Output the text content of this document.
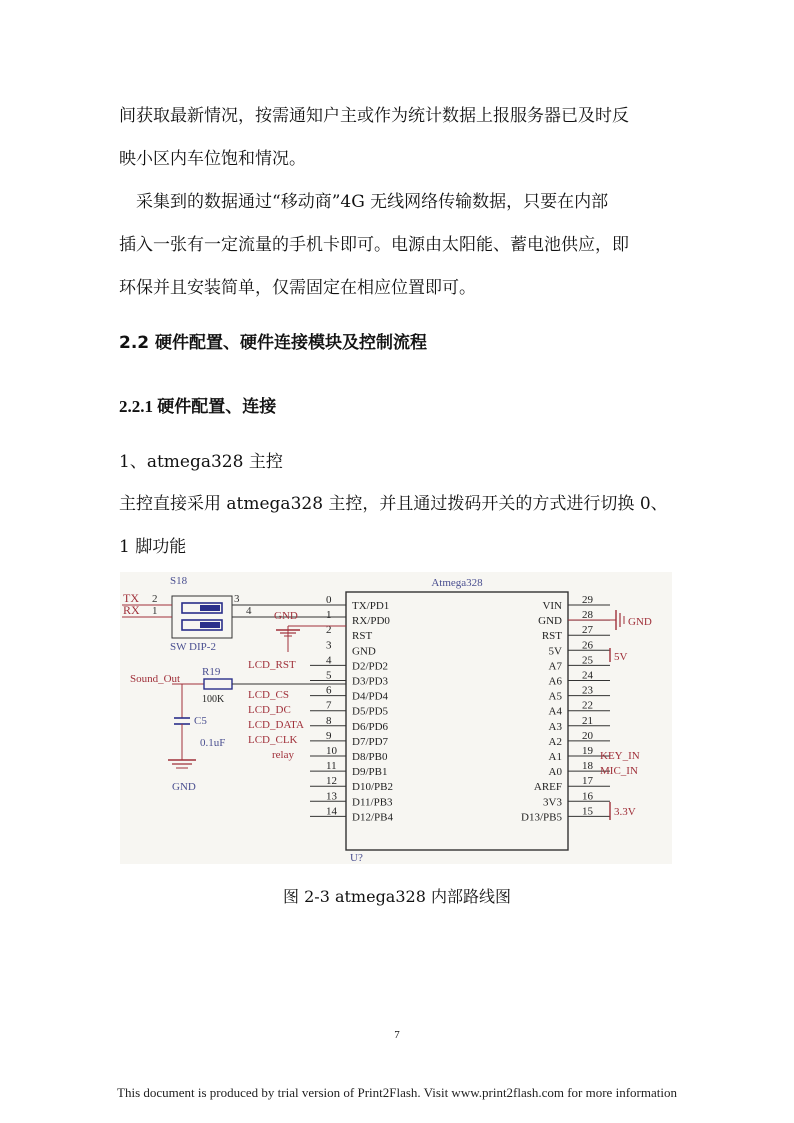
间获取最新情况，按需通知户主或作为统计数据上报服务器已及时反

映小区内车位饱和情况。

　采集到的数据通过“移动商”4G 无线网络传输数据，只要在内部

插入一张有一定流量的手机卡即可。电源由太阳能、蓄电池供应，即

环保并且安装简单，仅需固定在相应位置即可。

2.2 硬件配置、硬件连接模块及控制流程
2.2.1 硬件配置、连接

1、atmega328 主控

主控直接采用 atmega328 主控，并且通过拨码开关的方式进行切换 0、

1 脚功能

Atmega328
U?
0 TX/PD1
1 RX/PD0
2 RST
3 GND
4 D2/PD2
5 D3/PD3
6 D4/PD4
7 D5/PD5
8 D6/PD6
9 D7/PD7
10 D8/PB0
11 D9/PB1
12 D10/PB2
13 D11/PB3
14 D12/PB4
29
VIN
28
GND
27
RST
26
5V
25
A7
24
A6
23
A5
22
A4
21
A3
20
A2
19
A1
18
A0
17
AREF
16
3V3
15
D13/PB5
S18
SW DIP-2
TX
RX
2
1
3
4 GND
Sound_Out
R19
100K
C5
0.1uF
GND
LCD_RST
LCD_CS
LCD_DC
LCD_DATA
LCD_CLK
relay
GND
5V
KEY_IN
MIC_IN
3.3V

图 2-3 atmega328 内部路线图

7

This document is produced by trial version of Print2Flash. Visit www.print2flash.com for more information
